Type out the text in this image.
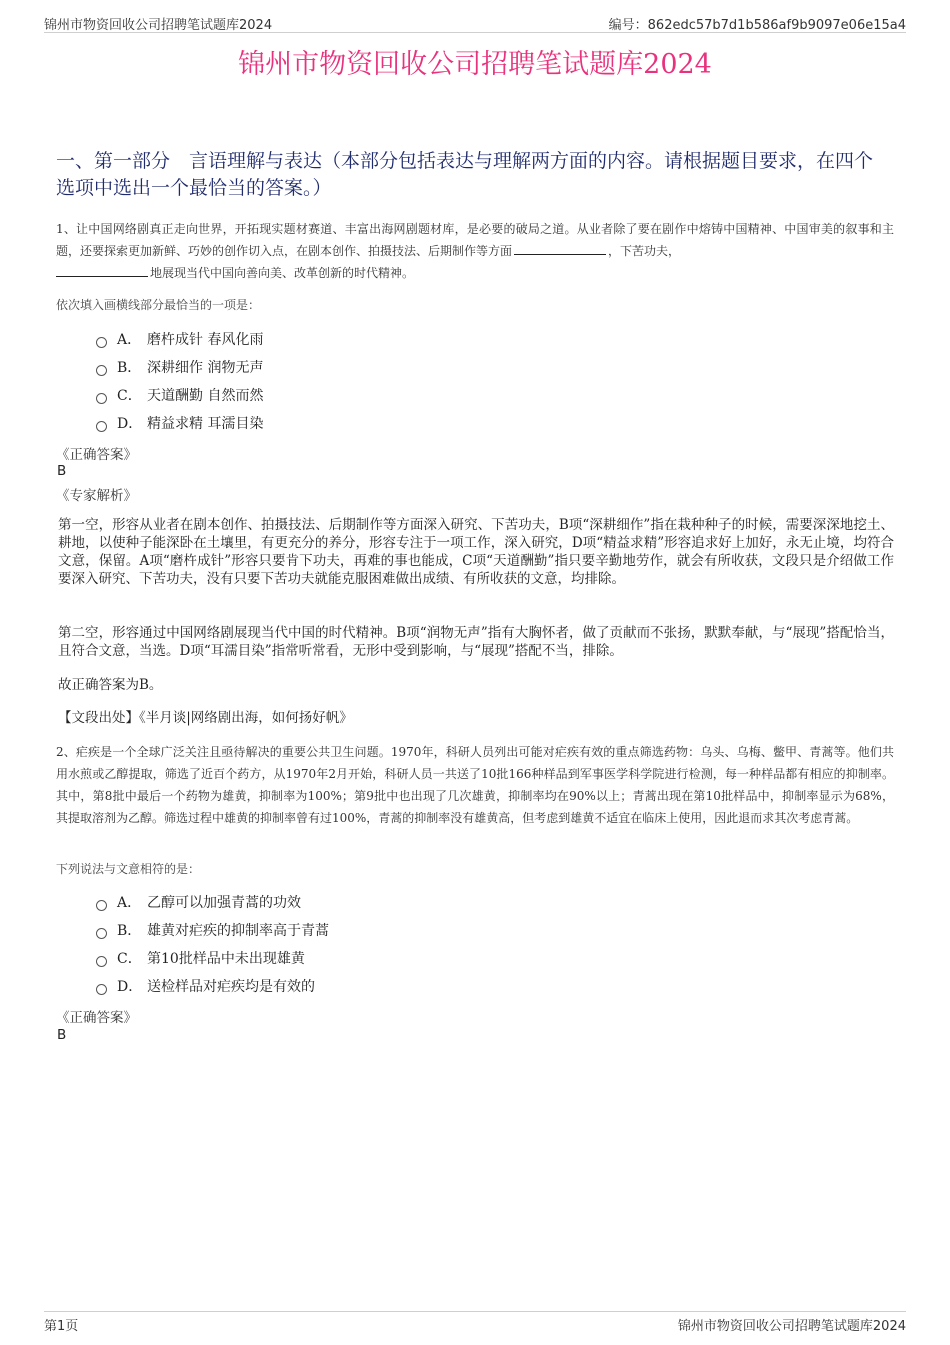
锦州市物资回收公司招聘笔试题库2024	编号：862edc57b7d1b586af9b9097e06e15a4
锦州市物资回收公司招聘笔试题库2024
一、第一部分　言语理解与表达（本部分包括表达与理解两方面的内容。请根据题目要求，在四个选项中选出一个最恰当的答案。）
1、让中国网络剧真正走向世界，开拓现实题材赛道、丰富出海网剧题材库，是必要的破局之道。从业者除了要在剧作中熔铸中国精神、中国审美的叙事和主题，还要探索更加新鲜、巧妙的创作切入点，在剧本创作、拍摄技法、后期制作等方面	，下苦功夫，
地展现当代中国向善向美、改革创新的时代精神。
依次填入画横线部分最恰当的一项是：
A． 磨杵成针 春风化雨
B． 深耕细作 润物无声
C． 天道酬勤 自然而然
D． 精益求精 耳濡目染
《正确答案》
B
《专家解析》
第一空，形容从业者在剧本创作、拍摄技法、后期制作等方面深入研究、下苦功夫，B项“深耕细作”指在栽种种子的时候，需要深深地挖土、耕地，以使种子能深卧在土壤里，有更充分的养分，形容专注于一项工作，深入研究，D项“精益求精”形容追求好上加好，永无止境，均符合文意，保留。A项“磨杵成针”形容只要肯下功夫，再难的事也能成，C项“天道酬勤”指只要辛勤地劳作，就会有所收获，文段只是介绍做工作要深入研究、下苦功夫，没有只要下苦功夫就能克服困难做出成绩、有所收获的文意，均排除。
第二空，形容通过中国网络剧展现当代中国的时代精神。B项“润物无声”指有大胸怀者，做了贡献而不张扬，默默奉献，与“展现”搭配恰当，且符合文意，当选。D项“耳濡目染”指常听常看，无形中受到影响，与“展现”搭配不当，排除。
故正确答案为B。
【文段出处】《半月谈|网络剧出海，如何扬好帆》
2、疟疾是一个全球广泛关注且亟待解决的重要公共卫生问题。1970年，科研人员列出可能对疟疾有效的重点筛选药物：乌头、乌梅、鳖甲、青蒿等。他们共用水煎或乙醇提取，筛选了近百个药方，从1970年2月开始，科研人员一共送了10批166种样品到军事医学科学院进行检测，每一种样品都有相应的抑制率。其中，第8批中最后一个药物为雄黄，抑制率为100%；第9批中也出现了几次雄黄，抑制率均在90%以上；青蒿出现在第10批样品中，抑制率显示为68%，其提取溶剂为乙醇。筛选过程中雄黄的抑制率曾有过100%，青蒿的抑制率没有雄黄高，但考虑到雄黄不适宜在临床上使用，因此退而求其次考虑青蒿。
下列说法与文意相符的是：
A． 乙醇可以加强青蒿的功效
B． 雄黄对疟疾的抑制率高于青蒿
C． 第10批样品中未出现雄黄
D． 送检样品对疟疾均是有效的
《正确答案》
B
第1页	锦州市物资回收公司招聘笔试题库2024
